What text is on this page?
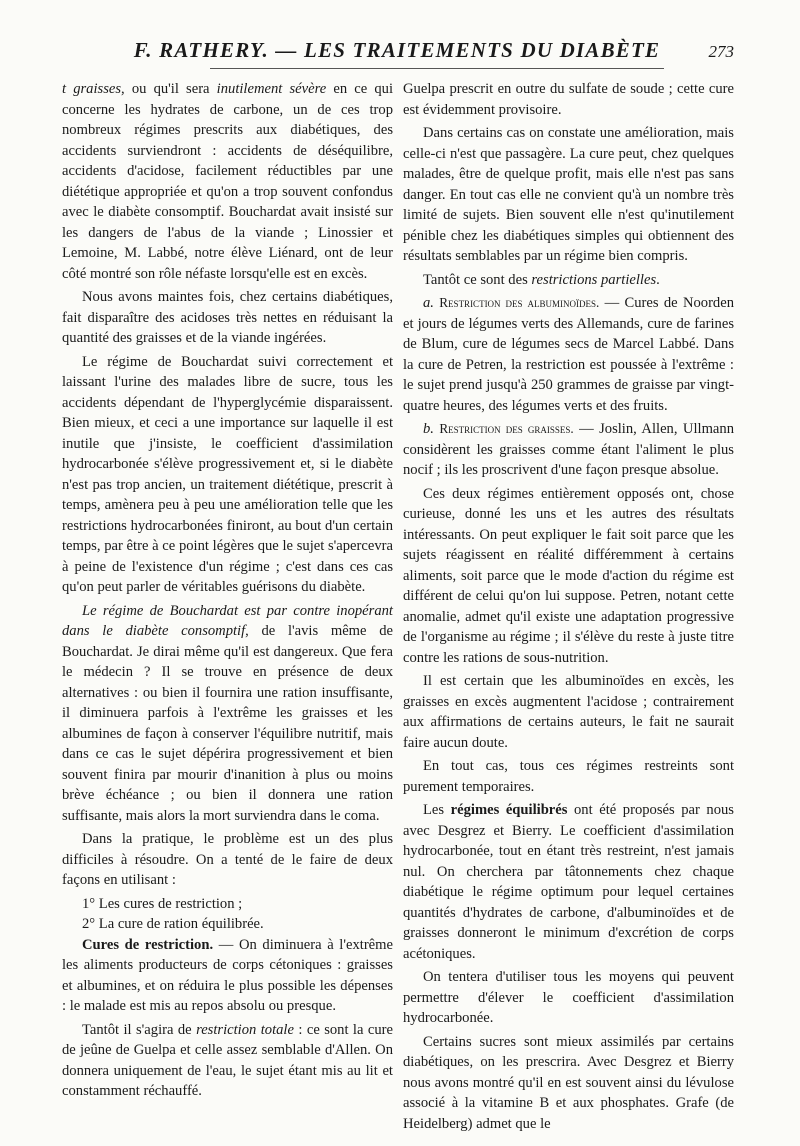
F. RATHERY. — LES TRAITEMENTS DU DIABÈTE	273

t graisses, ou qu'il sera inutilement sévère en ce qui concerne les hydrates de carbone, un de ces trop nombreux régimes prescrits aux diabétiques, des accidents surviendront : accidents de déséquilibre, accidents d'acidose, facilement réductibles par une diététique appropriée et qu'on a trop souvent confondus avec le diabète consomptif. Bouchardat avait insisté sur les dangers de l'abus de la viande ; Linossier et Lemoine, M. Labbé, notre élève Liénard, ont de leur côté montré son rôle néfaste lorsqu'elle est en excès.

Nous avons maintes fois, chez certains diabétiques, fait disparaître des acidoses très nettes en réduisant la quantité des graisses et de la viande ingérées.

Le régime de Bouchardat suivi correctement et laissant l'urine des malades libre de sucre, tous les accidents dépendant de l'hyperglycémie disparaissent. Bien mieux, et ceci a une importance sur laquelle il est inutile que j'insiste, le coefficient d'assimilation hydrocarbonée s'élève progressivement et, si le diabète n'est pas trop ancien, un traitement diététique, prescrit à temps, amènera peu à peu une amélioration telle que les restrictions hydrocarbonées finiront, au bout d'un certain temps, par être à ce point légères que le sujet s'apercevra à peine de l'existence d'un régime ; c'est dans ces cas qu'on peut parler de véritables guérisons du diabète.

Le régime de Bouchardat est par contre inopérant dans le diabète consomptif, de l'avis même de Bouchardat. Je dirai même qu'il est dangereux. Que fera le médecin ? Il se trouve en présence de deux alternatives : ou bien il fournira une ration insuffisante, il diminuera parfois à l'extrême les graisses et les albumines de façon à conserver l'équilibre nutritif, mais dans ce cas le sujet dépérira progressivement et bien souvent finira par mourir d'inanition à plus ou moins brève échéance ; ou bien il donnera une ration suffisante, mais alors la mort surviendra dans le coma.

Dans la pratique, le problème est un des plus difficiles à résoudre. On a tenté de le faire de deux façons en utilisant :

1° Les cures de restriction ;
2° La cure de ration équilibrée.

Cures de restriction. — On diminuera à l'extrême les aliments producteurs de corps cétoniques : graisses et albumines, et on réduira le plus possible les dépenses : le malade est mis au repos absolu ou presque.

Tantôt il s'agira de restriction totale : ce sont la cure de jeûne de Guelpa et celle assez semblable d'Allen. On donnera uniquement de l'eau, le sujet étant mis au lit et constamment réchauffé.

Guelpa prescrit en outre du sulfate de soude ; cette cure est évidemment provisoire.

Dans certains cas on constate une amélioration, mais celle-ci n'est que passagère. La cure peut, chez quelques malades, être de quelque profit, mais elle n'est pas sans danger. En tout cas elle ne convient qu'à un nombre très limité de sujets. Bien souvent elle n'est qu'inutilement pénible chez les diabétiques simples qui obtiennent des résultats semblables par un régime bien compris.

Tantôt ce sont des restrictions partielles.

a. Restriction des albuminoïdes. — Cures de Noorden et jours de légumes verts des Allemands, cure de farines de Blum, cure de légumes secs de Marcel Labbé. Dans la cure de Petren, la restriction est poussée à l'extrême : le sujet prend jusqu'à 250 grammes de graisse par vingt-quatre heures, des légumes verts et des fruits.

b. Restriction des graisses. — Joslin, Allen, Ullmann considèrent les graisses comme étant l'aliment le plus nocif ; ils les proscrivent d'une façon presque absolue.

Ces deux régimes entièrement opposés ont, chose curieuse, donné les uns et les autres des résultats intéressants. On peut expliquer le fait soit parce que les sujets réagissent en réalité différemment à certains aliments, soit parce que le mode d'action du régime est différent de celui qu'on lui suppose. Petren, notant cette anomalie, admet qu'il existe une adaptation progressive de l'organisme au régime ; il s'élève du reste à juste titre contre les rations de sous-nutrition.

Il est certain que les albuminoïdes en excès, les graisses en excès augmentent l'acidose ; contrairement aux affirmations de certains auteurs, le fait ne saurait faire aucun doute.

En tout cas, tous ces régimes restreints sont purement temporaires.

Les régimes équilibrés ont été proposés par nous avec Desgrez et Bierry. Le coefficient d'assimilation hydrocarbonée, tout en étant très restreint, n'est jamais nul. On cherchera par tâtonnements chez chaque diabétique le régime optimum pour lequel certaines quantités d'hydrates de carbone, d'albuminoïdes et de graisses donneront le minimum d'excrétion de corps acétoniques.

On tentera d'utiliser tous les moyens qui peuvent permettre d'élever le coefficient d'assimilation hydrocarbonée.

Certains sucres sont mieux assimilés par certains diabétiques, on les prescrira. Avec Desgrez et Bierry nous avons montré qu'il en est souvent ainsi du lévulose associé à la vitamine B et aux phosphates. Grafe (de Heidelberg) admet que le
